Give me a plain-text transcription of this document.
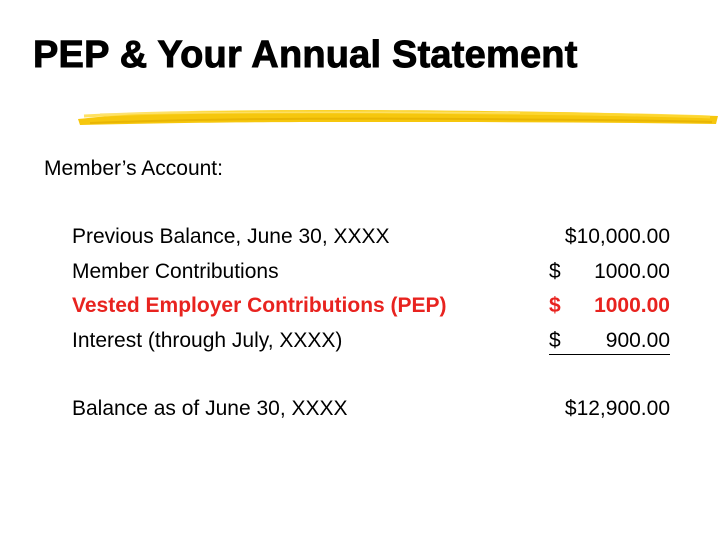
PEP & Your Annual Statement
Member’s Account:
Previous Balance, June 30, XXXX	$10,000.00
Member Contributions	$ 1000.00
Vested Employer Contributions (PEP)	$ 1000.00
Interest (through July, XXXX)	$ 900.00
Balance as of June 30, XXXX	$12,900.00
